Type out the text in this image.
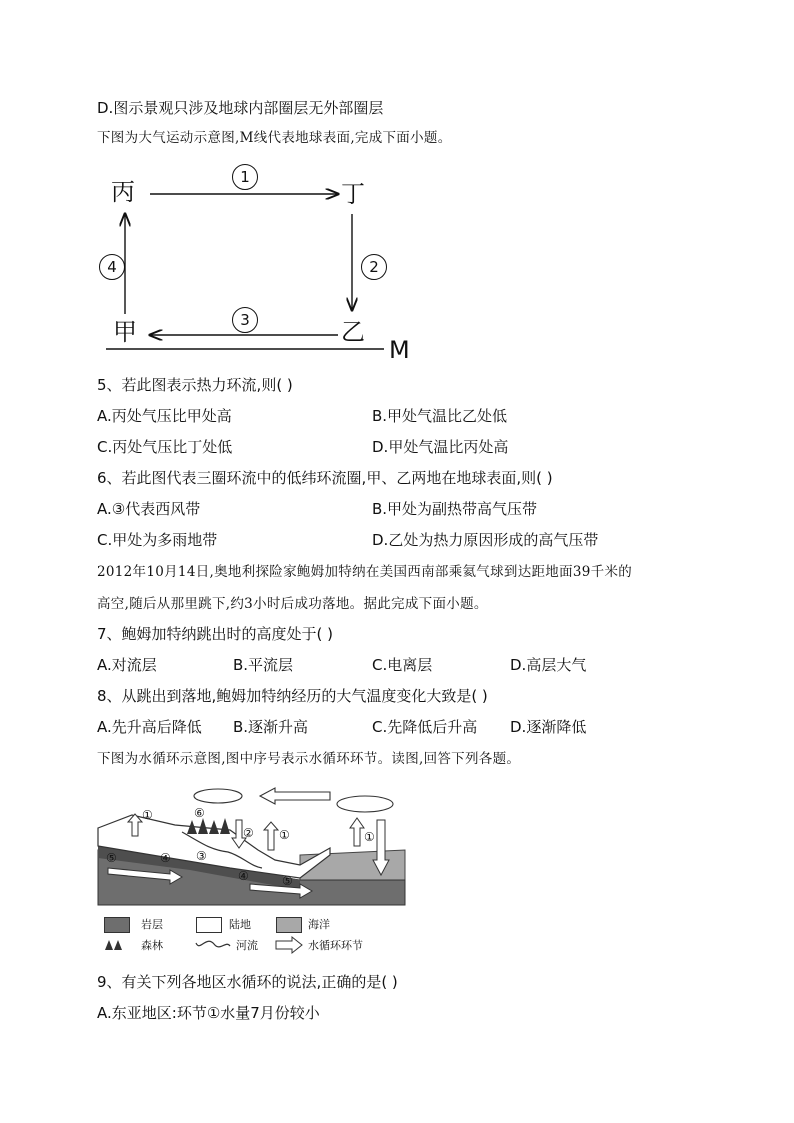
D.图示景观只涉及地球内部圈层无外部圈层
下图为大气运动示意图,M线代表地球表面,完成下面小题。
丙	丁
甲	乙
M
1
2
3
4
5、若此图表示热力环流,则( )
A.丙处气压比甲处高	B.甲处气温比乙处低
C.丙处气压比丁处低	D.甲处气温比丙处高
6、若此图代表三圈环流中的低纬环流圈,甲、乙两地在地球表面,则( )
A.③代表西风带	B.甲处为副热带高气压带
C.甲处为多雨地带	D.乙处为热力原因形成的高气压带
2012年10月14日,奥地利探险家鲍姆加特纳在美国西南部乘氦气球到达距地面39千米的
高空,随后从那里跳下,约3小时后成功落地。据此完成下面小题。
7、鲍姆加特纳跳出时的高度处于( )
A.对流层	B.平流层	C.电离层	D.高层大气
8、从跳出到落地,鲍姆加特纳经历的大气温度变化大致是( )
A.先升高后降低 B.逐渐升高	C.先降低后升高 D.逐渐降低
下图为水循环示意图,图中序号表示水循环环节。读图,回答下列各题。
①
①	①
②
③
④
④
⑤
⑤
⑥
岩层	陆地	海洋
森林	河流	水循环环节
9、有关下列各地区水循环的说法,正确的是( )
A.东亚地区:环节①水量7月份较小
